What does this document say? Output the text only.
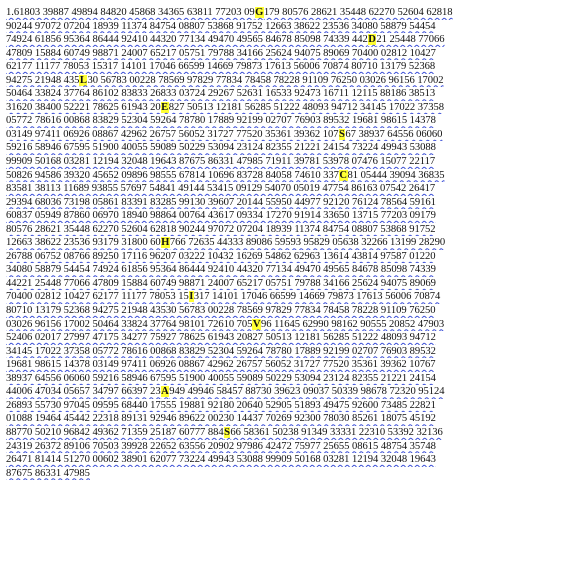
1.61803 39887 49894 84820 45868 34365 63811 77203 09G179 80576 28621 35448 62270 52604 62818
90244 97072 07204 18939 11374 84754 08807 53868 91752 12663 38622 23536 34080 58879 54454
74924 61856 95364 86444 92410 44320 77134 49470 49565 84678 85098 74339 442D21 25448 77066
47809 15884 60749 98871 24007 65217 05751 79788 34166 25624 94075 89069 70400 02812 10427
62177 11177 78053 15317 14101 17046 66599 14669 79873 17613 56006 70874 80710 13179 52368
94275 21948 435L30 56783 00228 78569 97829 77834 78458 78228 91109 76250 03026 96156 17002
50464 33824 37764 86102 83833 26833 03724 29267 52631 16533 92473 16711 12115 88186 38513
31620 38400 52221 78625 61943 20E827 50513 12181 56285 51222 48093 94712 34145 17022 37358
05772 78616 00868 83829 52304 59264 78780 17889 92199 02707 76903 89532 19681 98615 14378
03149 97411 06926 08867 42962 26757 56052 31727 77520 35361 39362 107S67 38937 64556 06060
59216 58946 67595 51900 40055 59089 50229 53094 23124 82355 21221 24154 73224 49943 53088
99909 50168 03281 12194 32048 19643 87675 86331 47985 71911 39781 53978 07476 15077 22117
50826 94586 39320 45652 09896 98555 67814 10696 83728 84058 74610 337C81 05444 39094 36835
83581 38113 11689 93855 57697 54841 49144 53415 09129 54070 05019 47754 86163 07542 26417
29394 68036 73198 05861 83391 83285 99130 39607 20144 55950 44977 92120 76124 78564 59161
60837 05949 87860 06970 18940 98864 00764 43617 09334 17270 91914 33650 13715 77203 09179
80576 28621 35448 62270 52604 62818 90244 97072 07204 18939 11374 84754 08807 53868 91752
12663 38622 23536 93179 31800 60H766 72635 44333 89086 59593 95829 05638 32266 13199 28290
26788 06752 08766 89250 17116 96207 03222 10432 16269 54862 62963 13614 43814 97587 01220
34080 58879 54454 74924 61856 95364 86444 92410 44320 77134 49470 49565 84678 85098 74339
44221 25448 77066 47809 15884 60749 98871 24007 65217 05751 79788 34166 25624 94075 89069
70400 02812 10427 62177 11177 78053 15I317 14101 17046 66599 14669 79873 17613 56006 70874
80710 13179 52368 94275 21948 43530 56783 00228 78569 97829 77834 78458 78228 91109 76250
03026 96156 17002 50464 33824 37764 98101 72610 705V96 11645 62990 98162 90555 20852 47903
52406 02017 27997 47175 34277 75927 78625 61943 20827 50513 12181 56285 51222 48093 94712
34145 17022 37358 05772 78616 00868 83829 52304 59264 78780 17889 92199 02707 76903 89532
19681 98615 14378 03149 97411 06926 08867 42962 26757 56052 31727 77520 35361 39362 10767
38937 64556 06060 59216 58946 67595 51900 40055 59089 50229 53094 23124 82355 21221 24154
44006 47034 05657 34797 66397 23A949 49946 58457 88730 39623 09037 50339 98678 72320 95124
26893 55730 97045 09595 68440 17555 19881 92180 20640 52905 51893 49475 92600 73485 22821
01088 19464 45442 22318 89131 92946 89622 00230 14437 70269 92300 78030 85261 18075 45192
88770 50210 96842 49362 71359 25187 60777 884S66 58361 50238 91349 33331 22310 53392 32136
24319 26372 89106 70503 39928 22652 63556 20902 97986 42472 75977 25655 08615 48754 35748
26471 81414 51270 00602 38901 62077 73224 49943 53088 99909 50168 03281 12194 32048 19643
87675 86331 47985
